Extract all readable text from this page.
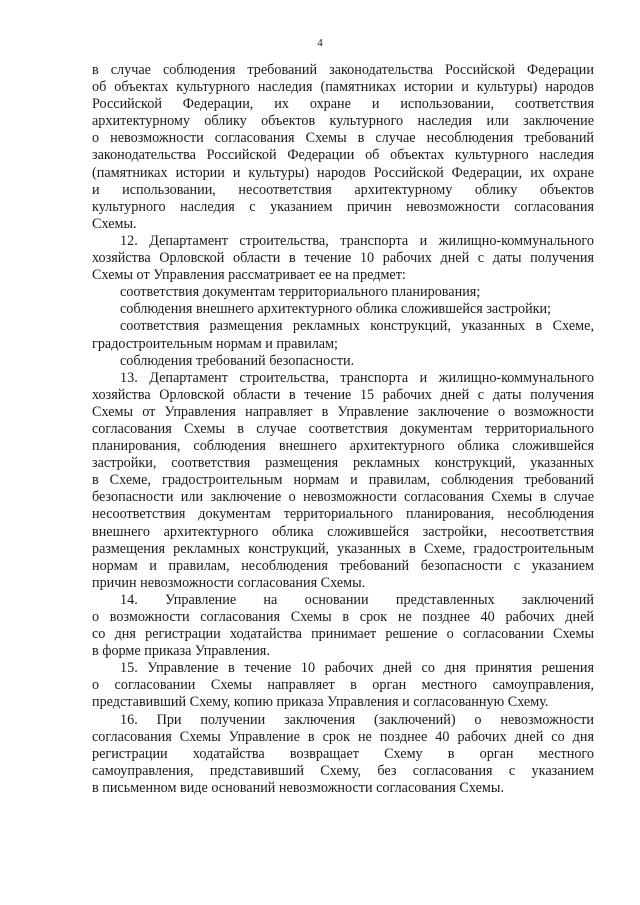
4
в случае соблюдения требований законодательства Российской Федерации
об объектах культурного наследия (памятниках истории и культуры) народов
Российской Федерации, их охране и использовании, соответствия
архитектурному облику объектов культурного наследия или заключение
о невозможности согласования Схемы в случае несоблюдения требований
законодательства Российской Федерации об объектах культурного наследия
(памятниках истории и культуры) народов Российской Федерации, их охране
и использовании, несоответствия архитектурному облику объектов
культурного наследия с указанием причин невозможности согласования
Схемы.
12. Департамент строительства, транспорта и жилищно-коммунального
хозяйства Орловской области в течение 10 рабочих дней с даты получения
Схемы от Управления рассматривает ее на предмет:
соответствия документам территориального планирования;
соблюдения внешнего архитектурного облика сложившейся застройки;
соответствия размещения рекламных конструкций, указанных в Схеме,
градостроительным нормам и правилам;
соблюдения требований безопасности.
13. Департамент строительства, транспорта и жилищно-коммунального
хозяйства Орловской области в течение 15 рабочих дней с даты получения
Схемы от Управления направляет в Управление заключение о возможности
согласования Схемы в случае соответствия документам территориального
планирования, соблюдения внешнего архитектурного облика сложившейся
застройки, соответствия размещения рекламных конструкций, указанных
в Схеме, градостроительным нормам и правилам, соблюдения требований
безопасности или заключение о невозможности согласования Схемы в случае
несоответствия документам территориального планирования, несоблюдения
внешнего архитектурного облика сложившейся застройки, несоответствия
размещения рекламных конструкций, указанных в Схеме, градостроительным
нормам и правилам, несоблюдения требований безопасности с указанием
причин невозможности согласования Схемы.
14. Управление на основании представленных заключений
о возможности согласования Схемы в срок не позднее 40 рабочих дней
со дня регистрации ходатайства принимает решение о согласовании Схемы
в форме приказа Управления.
15. Управление в течение 10 рабочих дней со дня принятия решения
о согласовании Схемы направляет в орган местного самоуправления,
представивший Схему, копию приказа Управления и согласованную Схему.
16. При получении заключения (заключений) о невозможности
согласования Схемы Управление в срок не позднее 40 рабочих дней со дня
регистрации ходатайства возвращает Схему в орган местного
самоуправления, представивший Схему, без согласования с указанием
в письменном виде оснований невозможности согласования Схемы.
